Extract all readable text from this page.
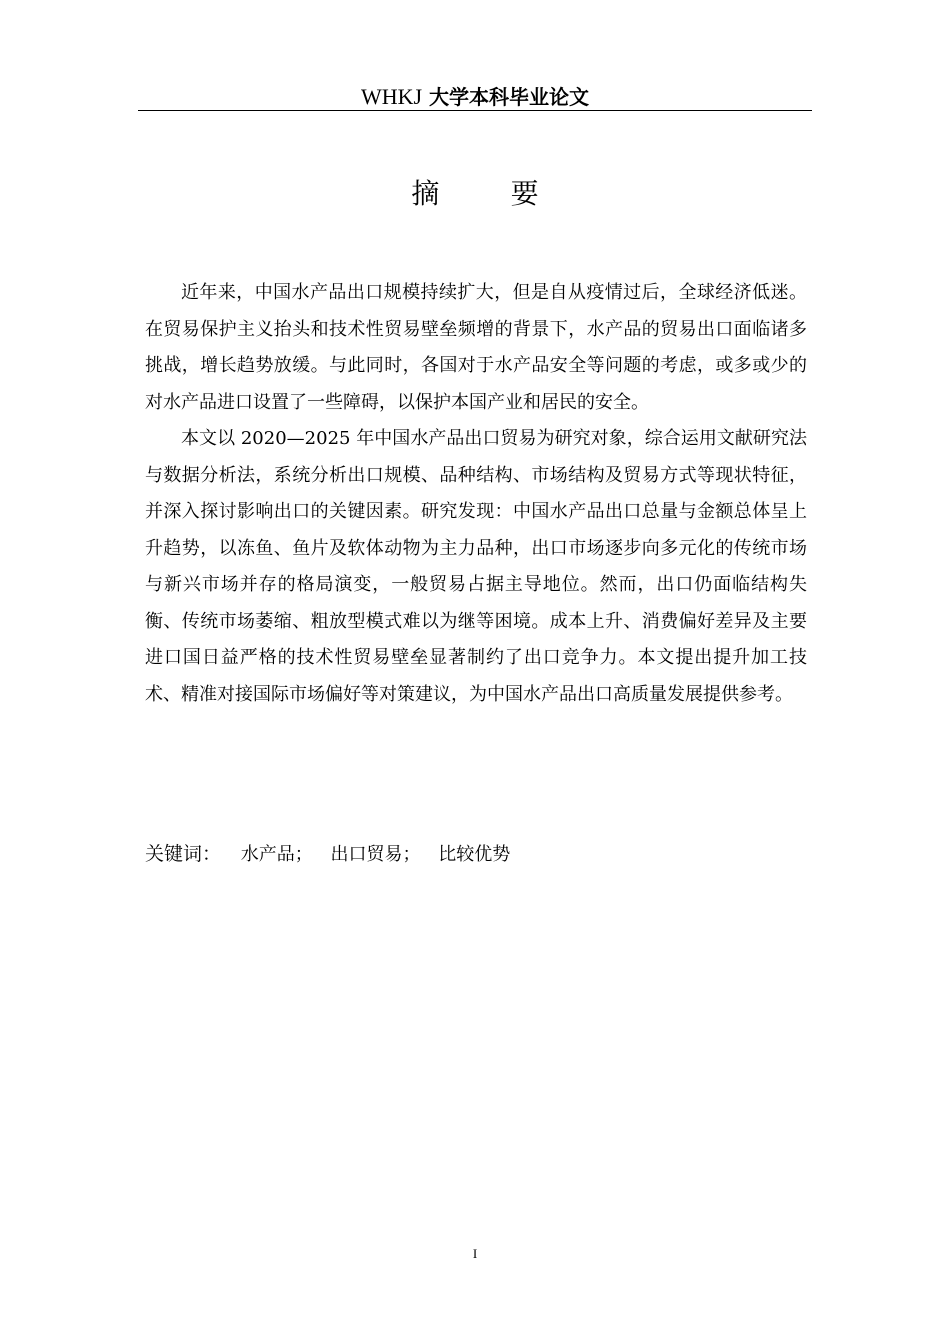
WHKJ 大学本科毕业论文
摘        要

近年来，中国水产品出口规模持续扩大，但是自从疫情过后，全球经济低迷。在贸易保护主义抬头和技术性贸易壁垒频增的背景下，水产品的贸易出口面临诸多挑战，增长趋势放缓。与此同时，各国对于水产品安全等问题的考虑，或多或少的对水产品进口设置了一些障碍，以保护本国产业和居民的安全。

本文以 2020—2025 年中国水产品出口贸易为研究对象，综合运用文献研究法与数据分析法，系统分析出口规模、品种结构、市场结构及贸易方式等现状特征，并深入探讨影响出口的关键因素。研究发现：中国水产品出口总量与金额总体呈上升趋势，以冻鱼、鱼片及软体动物为主力品种，出口市场逐步向多元化的传统市场与新兴市场并存的格局演变，一般贸易占据主导地位。然而，出口仍面临结构失衡、传统市场萎缩、粗放型模式难以为继等困境。成本上升、消费偏好差异及主要进口国日益严格的技术性贸易壁垒显著制约了出口竞争力。本文提出提升加工技术、精准对接国际市场偏好等对策建议，为中国水产品出口高质量发展提供参考。

关键词： 水产品； 出口贸易； 比较优势
I
